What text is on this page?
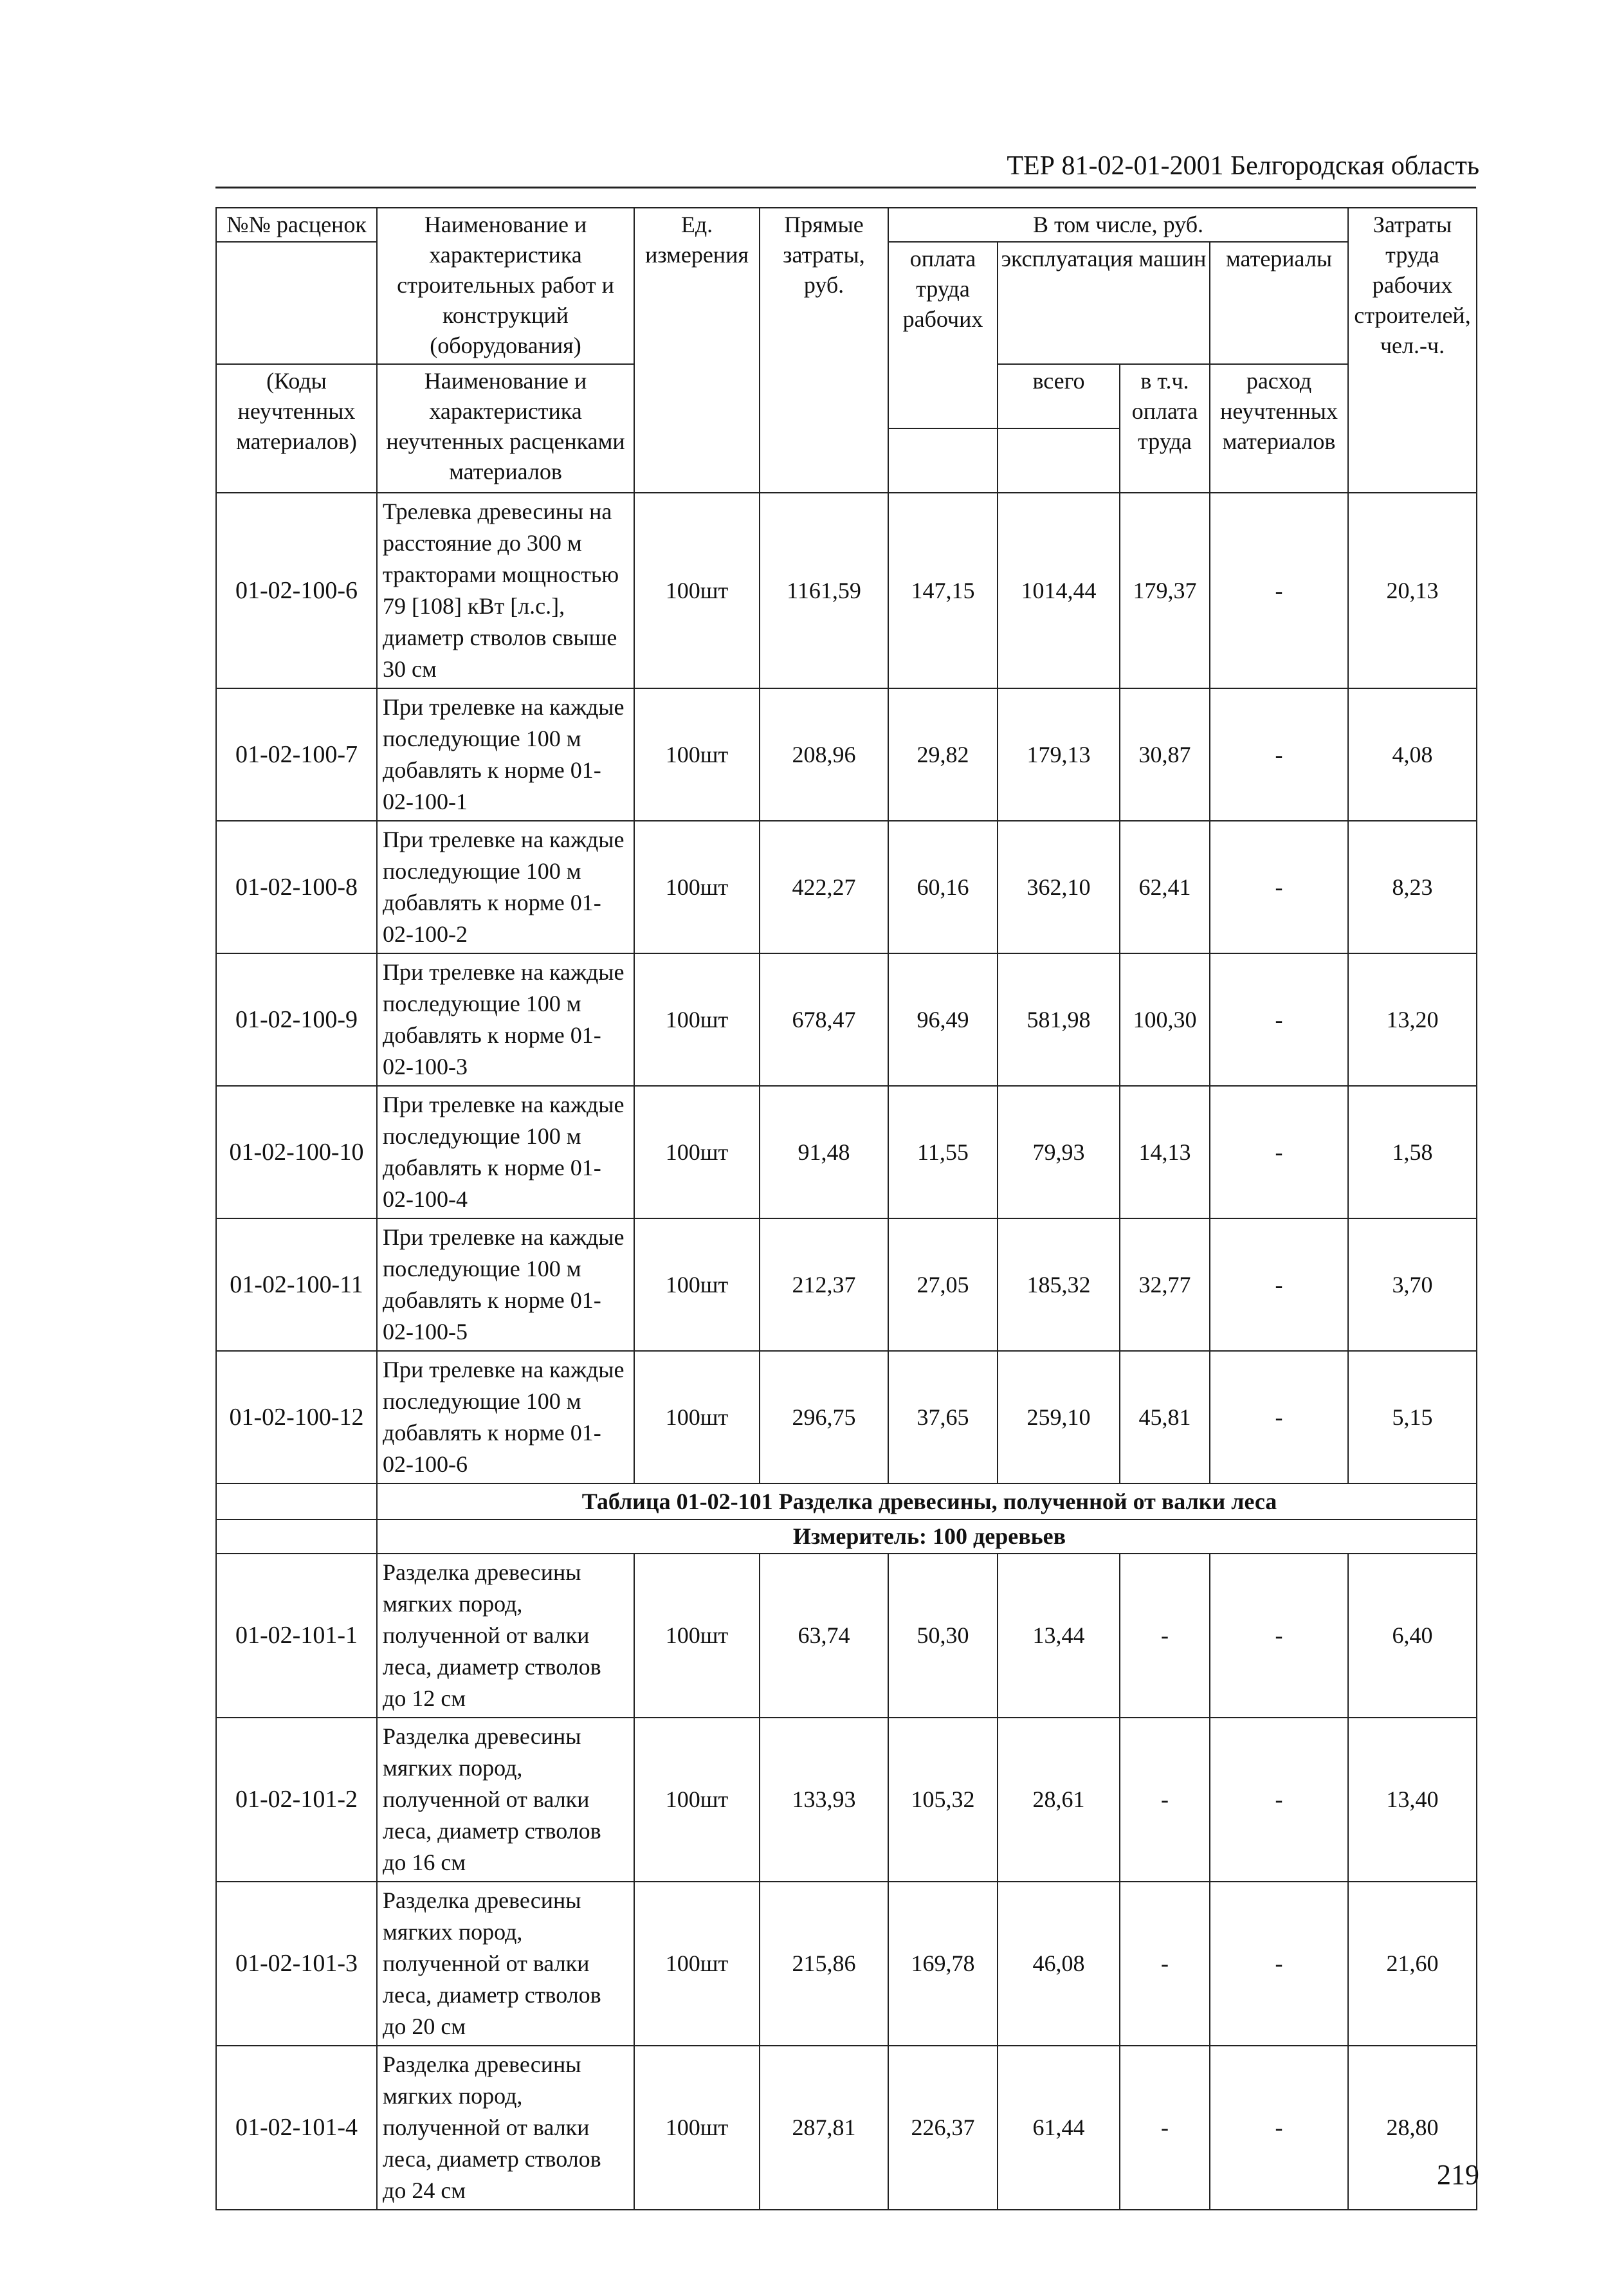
ТЕР 81-02-01-2001 Белгородская область
№№ расценок	Наименование и характеристика строительных работ и конструкций (оборудования)	Ед. измерения	Прямые затраты, руб.	В том числе, руб.				Затраты труда рабочих строителей, чел.-ч.
				оплата труда рабочих	эксплуатация машин		материалы	
(Коды неучтенных материалов)	Наименование и характеристика неучтенных расценками материалов				всего	в т.ч. оплата труда	расход неучтенных материалов	

01-02-100-6	Трелевка древесины на расстояние до 300 м тракторами мощностью 79 [108] кВт [л.с.], диаметр стволов свыше 30 см	100шт	1161,59	147,15	1014,44	179,37	-	20,13
01-02-100-7	При трелевке на каждые последующие 100 м добавлять к норме 01-02-100-1	100шт	208,96	29,82	179,13	30,87	-	4,08
01-02-100-8	При трелевке на каждые последующие 100 м добавлять к норме 01-02-100-2	100шт	422,27	60,16	362,10	62,41	-	8,23
01-02-100-9	При трелевке на каждые последующие 100 м добавлять к норме 01-02-100-3	100шт	678,47	96,49	581,98	100,30	-	13,20
01-02-100-10	При трелевке на каждые последующие 100 м добавлять к норме 01-02-100-4	100шт	91,48	11,55	79,93	14,13	-	1,58
01-02-100-11	При трелевке на каждые последующие 100 м добавлять к норме 01-02-100-5	100шт	212,37	27,05	185,32	32,77	-	3,70
01-02-100-12	При трелевке на каждые последующие 100 м добавлять к норме 01-02-100-6	100шт	296,75	37,65	259,10	45,81	-	5,15
	Таблица 01-02-101 Разделка древесины, полученной от валки леса							
	Измеритель: 100 деревьев							
01-02-101-1	Разделка древесины мягких пород, полученной от валки леса, диаметр стволов до 12 см	100шт	63,74	50,30	13,44	-	-	6,40
01-02-101-2	Разделка древесины мягких пород, полученной от валки леса, диаметр стволов до 16 см	100шт	133,93	105,32	28,61	-	-	13,40
01-02-101-3	Разделка древесины мягких пород, полученной от валки леса, диаметр стволов до 20 см	100шт	215,86	169,78	46,08	-	-	21,60
01-02-101-4	Разделка древесины мягких пород, полученной от валки леса, диаметр стволов до 24 см	100шт	287,81	226,37	61,44	-	-	28,80
219
